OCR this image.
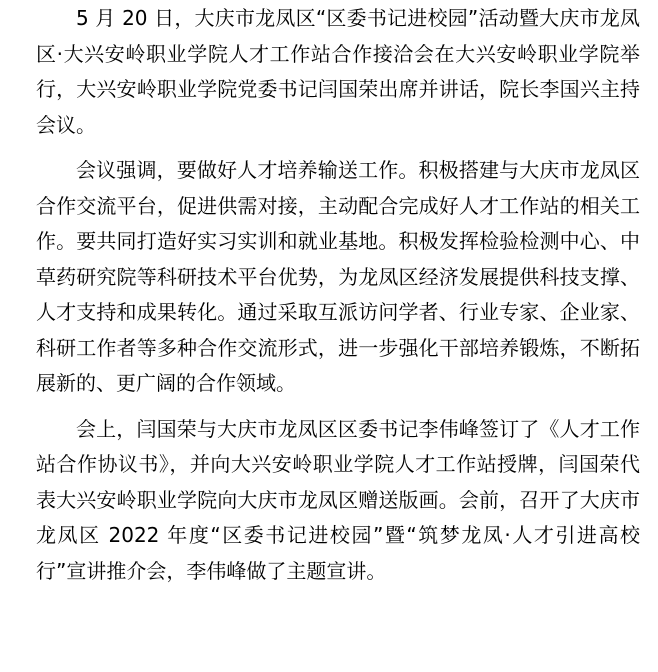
5 月 20 日，大庆市龙凤区“区委书记进校园”活动暨大庆市龙凤区·大兴安岭职业学院人才工作站合作接洽会在大兴安岭职业学院举行，大兴安岭职业学院党委书记闫国荣出席并讲话，院长李国兴主持会议。

会议强调，要做好人才培养输送工作。积极搭建与大庆市龙凤区合作交流平台，促进供需对接，主动配合完成好人才工作站的相关工作。要共同打造好实习实训和就业基地。积极发挥检验检测中心、中草药研究院等科研技术平台优势，为龙凤区经济发展提供科技支撑、人才支持和成果转化。通过采取互派访问学者、行业专家、企业家、科研工作者等多种合作交流形式，进一步强化干部培养锻炼，不断拓展新的、更广阔的合作领域。

会上，闫国荣与大庆市龙凤区区委书记李伟峰签订了《人才工作站合作协议书》，并向大兴安岭职业学院人才工作站授牌，闫国荣代表大兴安岭职业学院向大庆市龙凤区赠送版画。会前，召开了大庆市龙凤区 2022 年度“区委书记进校园”暨“筑梦龙凤·人才引进高校行”宣讲推介会，李伟峰做了主题宣讲。
